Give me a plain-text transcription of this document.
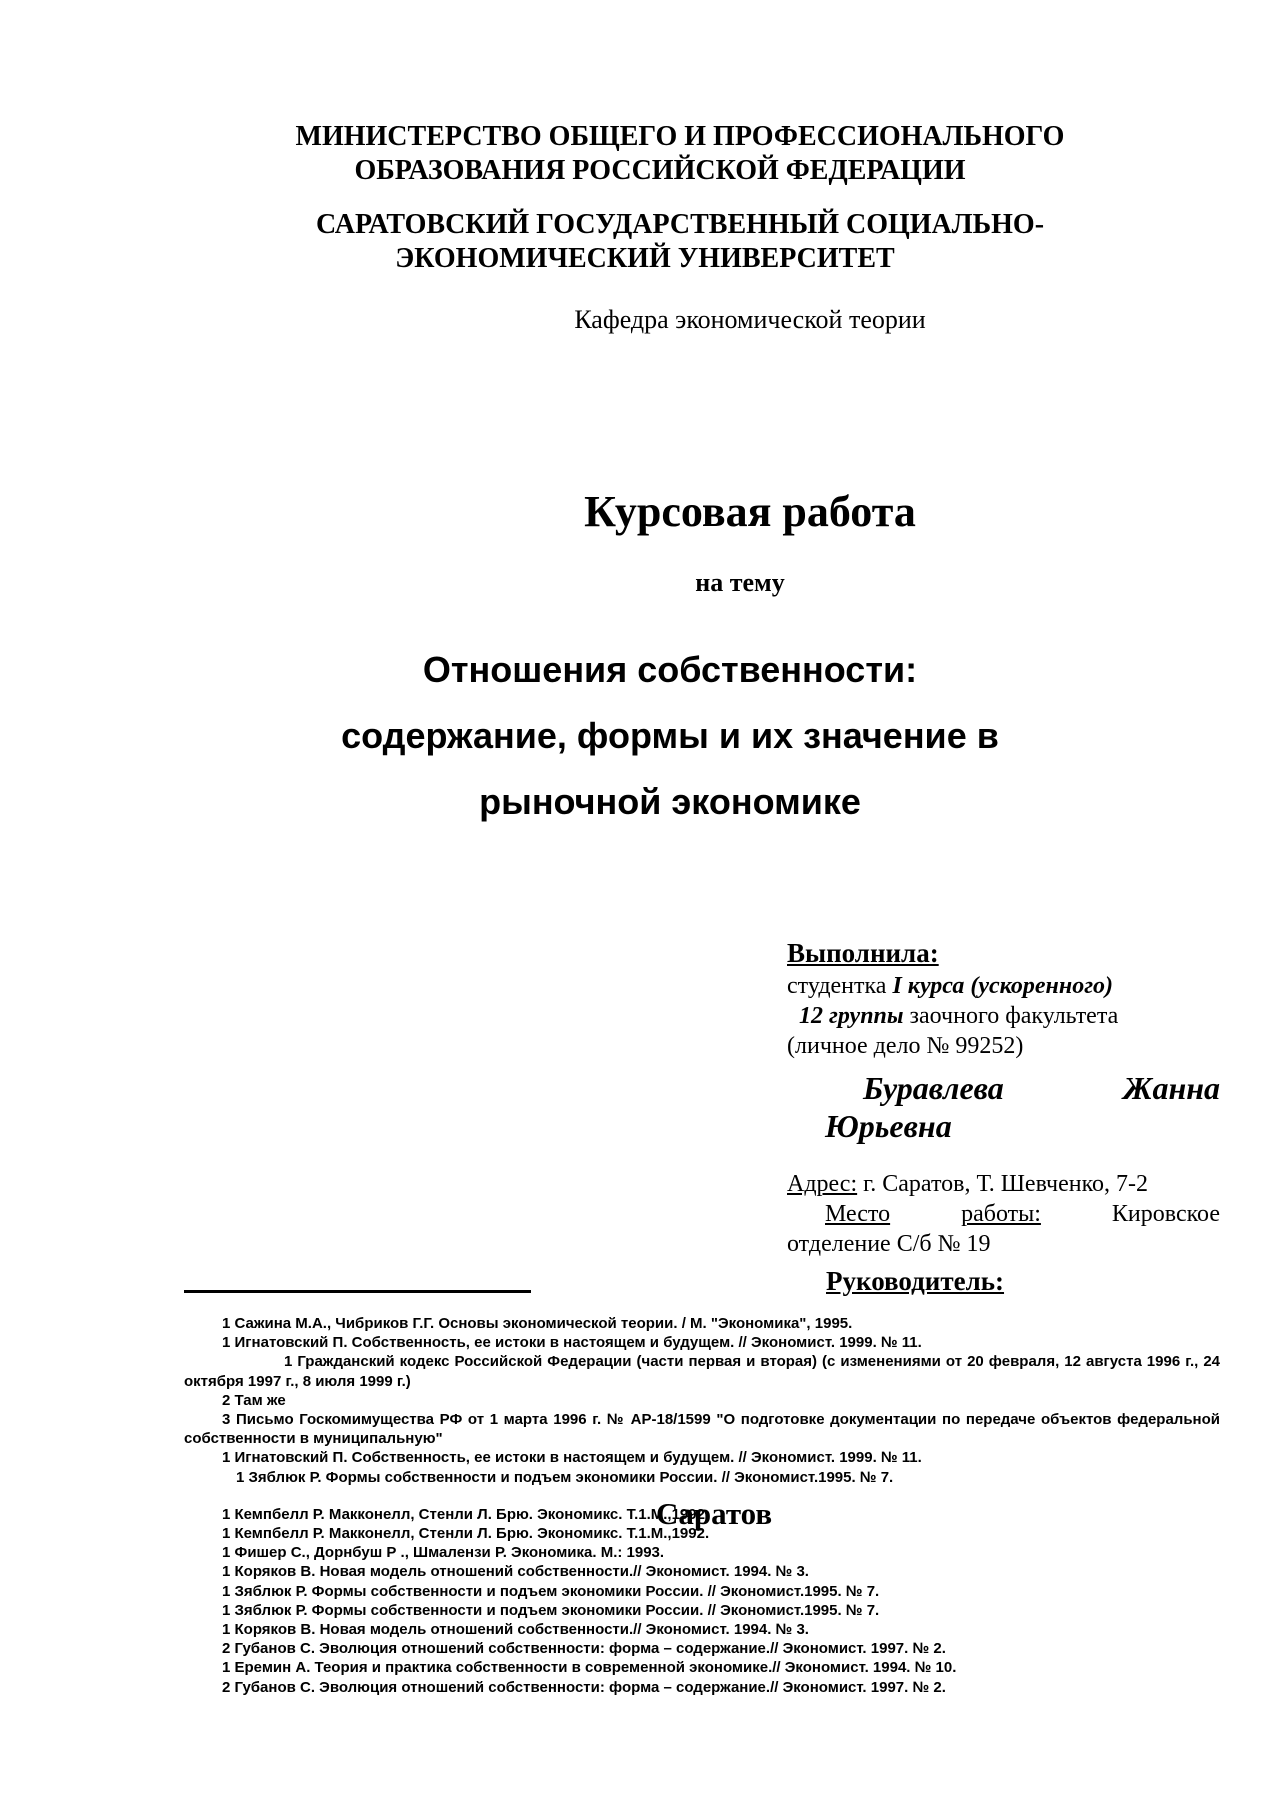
МИНИСТЕРСТВО ОБЩЕГО И ПРОФЕССИОНАЛЬНОГО
ОБРАЗОВАНИЯ РОССИЙСКОЙ ФЕДЕРАЦИИ
САРАТОВСКИЙ ГОСУДАРСТВЕННЫЙ СОЦИАЛЬНО-
ЭКОНОМИЧЕСКИЙ УНИВЕРСИТЕТ
Кафедра экономической теории
Курсовая работа
на тему
Отношения собственности:
содержание, формы и их значение в
рыночной экономике
Выполнила:
студентка I курса (ускоренного)
12 группы заочного факультета
(личное дело № 99252)
Буравлева	Жанна
Юрьевна
Адрес: г. Саратов, Т. Шевченко, 7-2
Место	работы:	Кировское
отделение С/б № 19
Руководитель:

1 Сажина М.А., Чибриков Г.Г. Основы экономической теории. / М. "Экономика", 1995.

1 Игнатовский П. Собственность, ее истоки в настоящем и будущем. // Экономист. 1999. № 11.

1 Гражданский кодекс Российской Федерации (части первая и вторая) (с изменениями от 20 февраля, 12 августа 1996 г., 24 октября 1997 г., 8 июля 1999 г.)

2 Там же

3 Письмо Госкомимущества РФ от 1 марта 1996 г. № АР-18/1599 "О подготовке документации по передаче объектов федеральной собственности в муниципальную"

1 Игнатовский П. Собственность, ее истоки в настоящем и будущем. // Экономист. 1999. № 11.

1 Зяблюк Р. Формы собственности и подъем экономики России. // Экономист.1995. № 7.

1 Кемпбелл Р. Макконелл, Стенли Л. Брю. Экономикс. Т.1.М.,1992.

1 Кемпбелл Р. Макконелл, Стенли Л. Брю. Экономикс. Т.1.М.,1992.

1 Фишер С., Дорнбуш Р ., Шмалензи Р. Экономика. М.: 1993.

1 Коряков В. Новая модель отношений собственности.// Экономист. 1994. № 3.

1 Зяблюк Р. Формы собственности и подъем экономики России. // Экономист.1995. № 7.

1 Зяблюк Р. Формы собственности и подъем экономики России. // Экономист.1995. № 7.

1 Коряков В. Новая модель отношений собственности.// Экономист. 1994. № 3.

2 Губанов С. Эволюция отношений собственности: форма – содержание.// Экономист. 1997. № 2.

1 Еремин А. Теория и практика собственности в современной экономике.// Экономист. 1994. № 10.

2 Губанов С. Эволюция отношений собственности: форма – содержание.// Экономист. 1997. № 2.

Саратов
